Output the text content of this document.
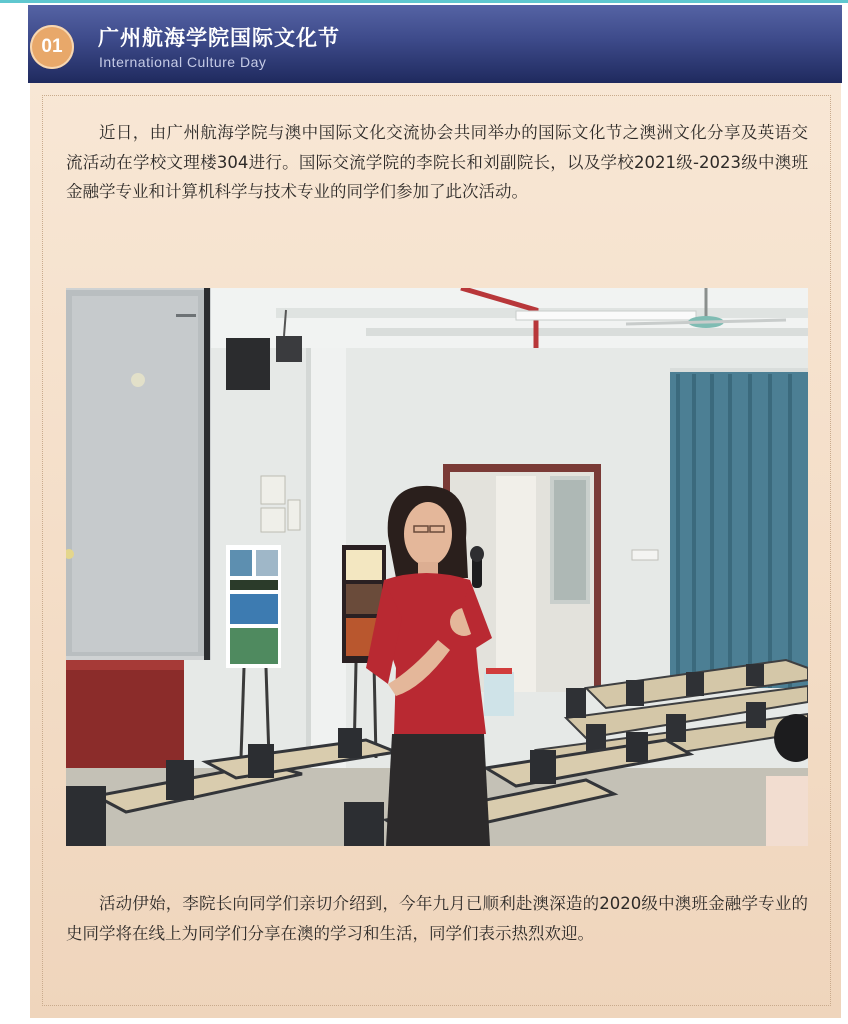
01	广州航海学院国际文化节
International Culture Day

近日，由广州航海学院与澳中国际文化交流协会共同举办的国际文化节之澳洲文化分享及英语交流活动在学校文理楼304进行。国际交流学院的李院长和刘副院长，以及学校2021级-2023级中澳班金融学专业和计算机科学与技术专业的同学们参加了此次活动。

活动伊始，李院长向同学们亲切介绍到，今年九月已顺利赴澳深造的2020级中澳班金融学专业的史同学将在线上为同学们分享在澳的学习和生活，同学们表示热烈欢迎。
